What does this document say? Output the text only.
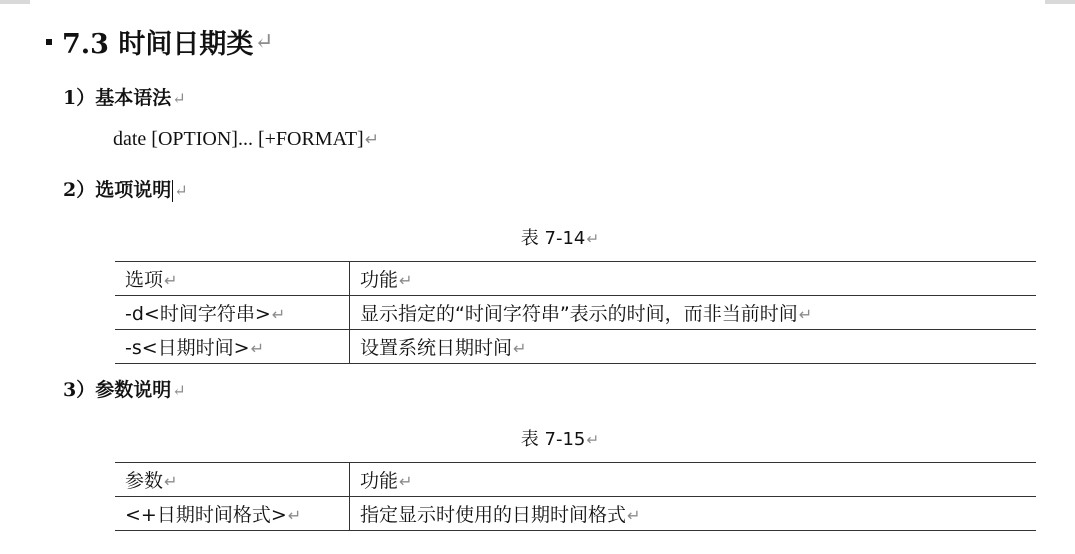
7.3 时间日期类 ↵
1）基本语法↵
date [OPTION]... [+FORMAT]↵
2）选项说明 ↵
表 7-14↵
选项↵	功能↵
-d<时间字符串>↵	显示指定的“时间字符串”表示的时间，而非当前时间↵
-s<日期时间>↵	设置系统日期时间↵
3）参数说明↵
表 7-15↵
参数↵	功能↵
<+日期时间格式>↵	指定显示时使用的日期时间格式↵
